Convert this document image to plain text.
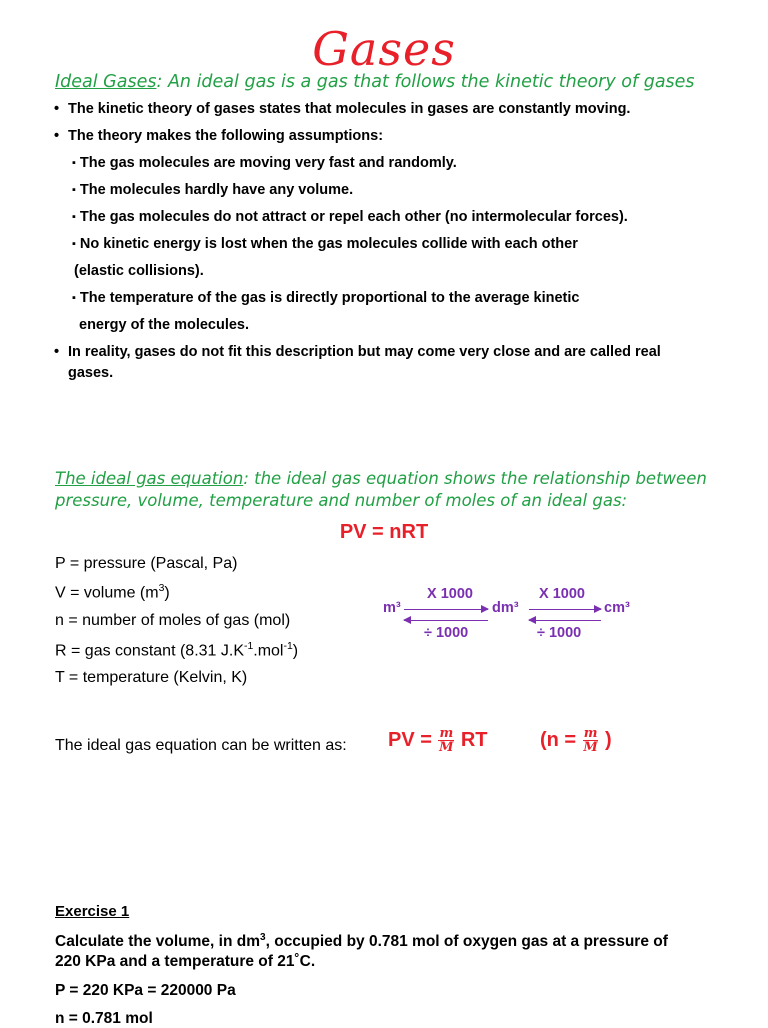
Gases
Ideal Gases: An ideal gas is a gas that follows the kinetic theory of gases
• The kinetic theory of gases states that molecules in gases are constantly moving.
• The theory makes the following assumptions:
▪ The gas molecules are moving very fast and randomly.
▪ The molecules hardly have any volume.
▪ The gas molecules do not attract or repel each other (no intermolecular forces).
▪ No kinetic energy is lost when the gas molecules collide with each other
(elastic collisions).
▪ The temperature of the gas is directly proportional to the average kinetic
energy of the molecules.
• In reality, gases do not fit this description but may come very close and are called real
gases.
The ideal gas equation: the ideal gas equation shows the relationship between
pressure, volume, temperature and number of moles of an ideal gas:
PV = nRT
P = pressure (Pascal, Pa)
V = volume $(m^3)$
n = number of moles of gas (mol)
R = gas constant (8.31 $J.K^{-1}.mol^{-1}$)
T = temperature (Kelvin, K)
m³
X 1000
÷ 1000
dm³
X 1000
÷ 1000
cm³
The ideal gas equation can be written as: PV = $\frac{m}{M}$ RT	($n = \frac{m}{M}$ )
Exercise 1
Calculate the volume, in $dm^3$, occupied by 0.781 mol of oxygen gas at a pressure of
220 KPa and a temperature of 21˚C.
P = 220 KPa = 220000 Pa
n = 0.781 mol
